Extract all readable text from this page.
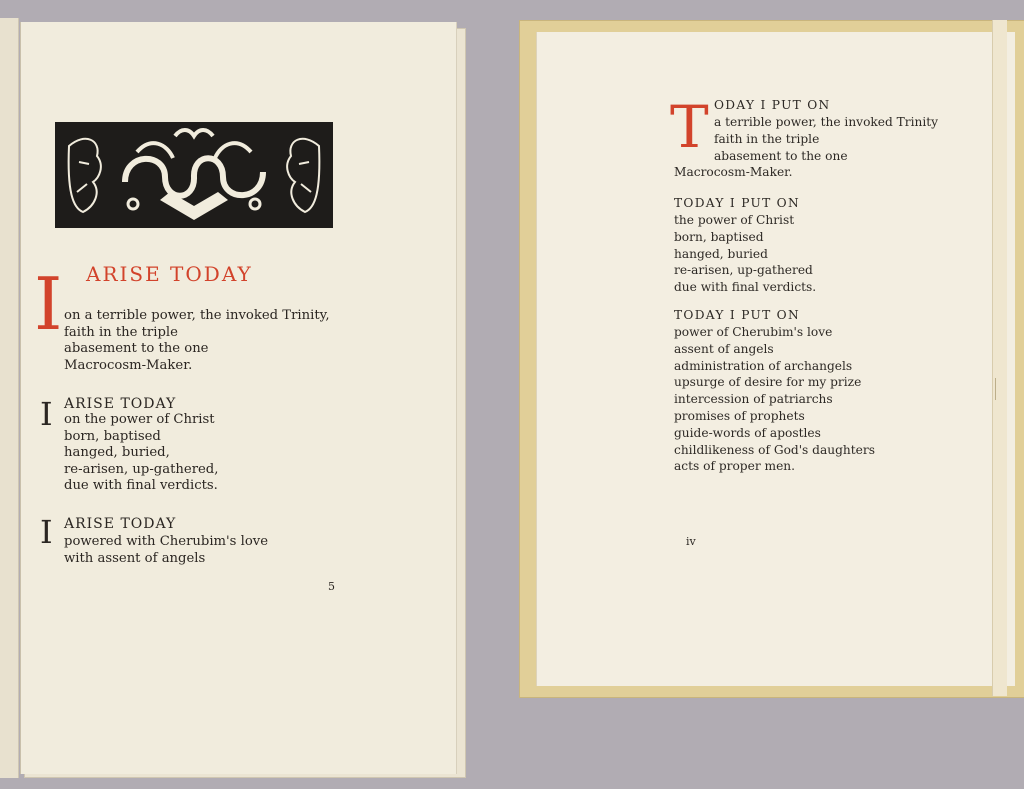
I ARISE TODAY
on a terrible power, the invoked Trinity,
faith in the triple
abasement to the one
Macrocosm-Maker.
I ARISE TODAY
on the power of Christ
born, baptised
hanged, buried,
re-arisen, up-gathered,
due with final verdicts.
I ARISE TODAY
powered with Cherubim's love
with assent of angels
5
T ODAY I PUT ON
a terrible power, the invoked Trinity
faith in the triple
abasement to the one
Macrocosm-Maker.
TODAY I PUT ON
the power of Christ
born, baptised
hanged, buried
re-arisen, up-gathered
due with final verdicts.
TODAY I PUT ON
power of Cherubim's love
assent of angels
administration of archangels
upsurge of desire for my prize
intercession of patriarchs
promises of prophets
guide-words of apostles
childlikeness of God's daughters
acts of proper men.
iv
